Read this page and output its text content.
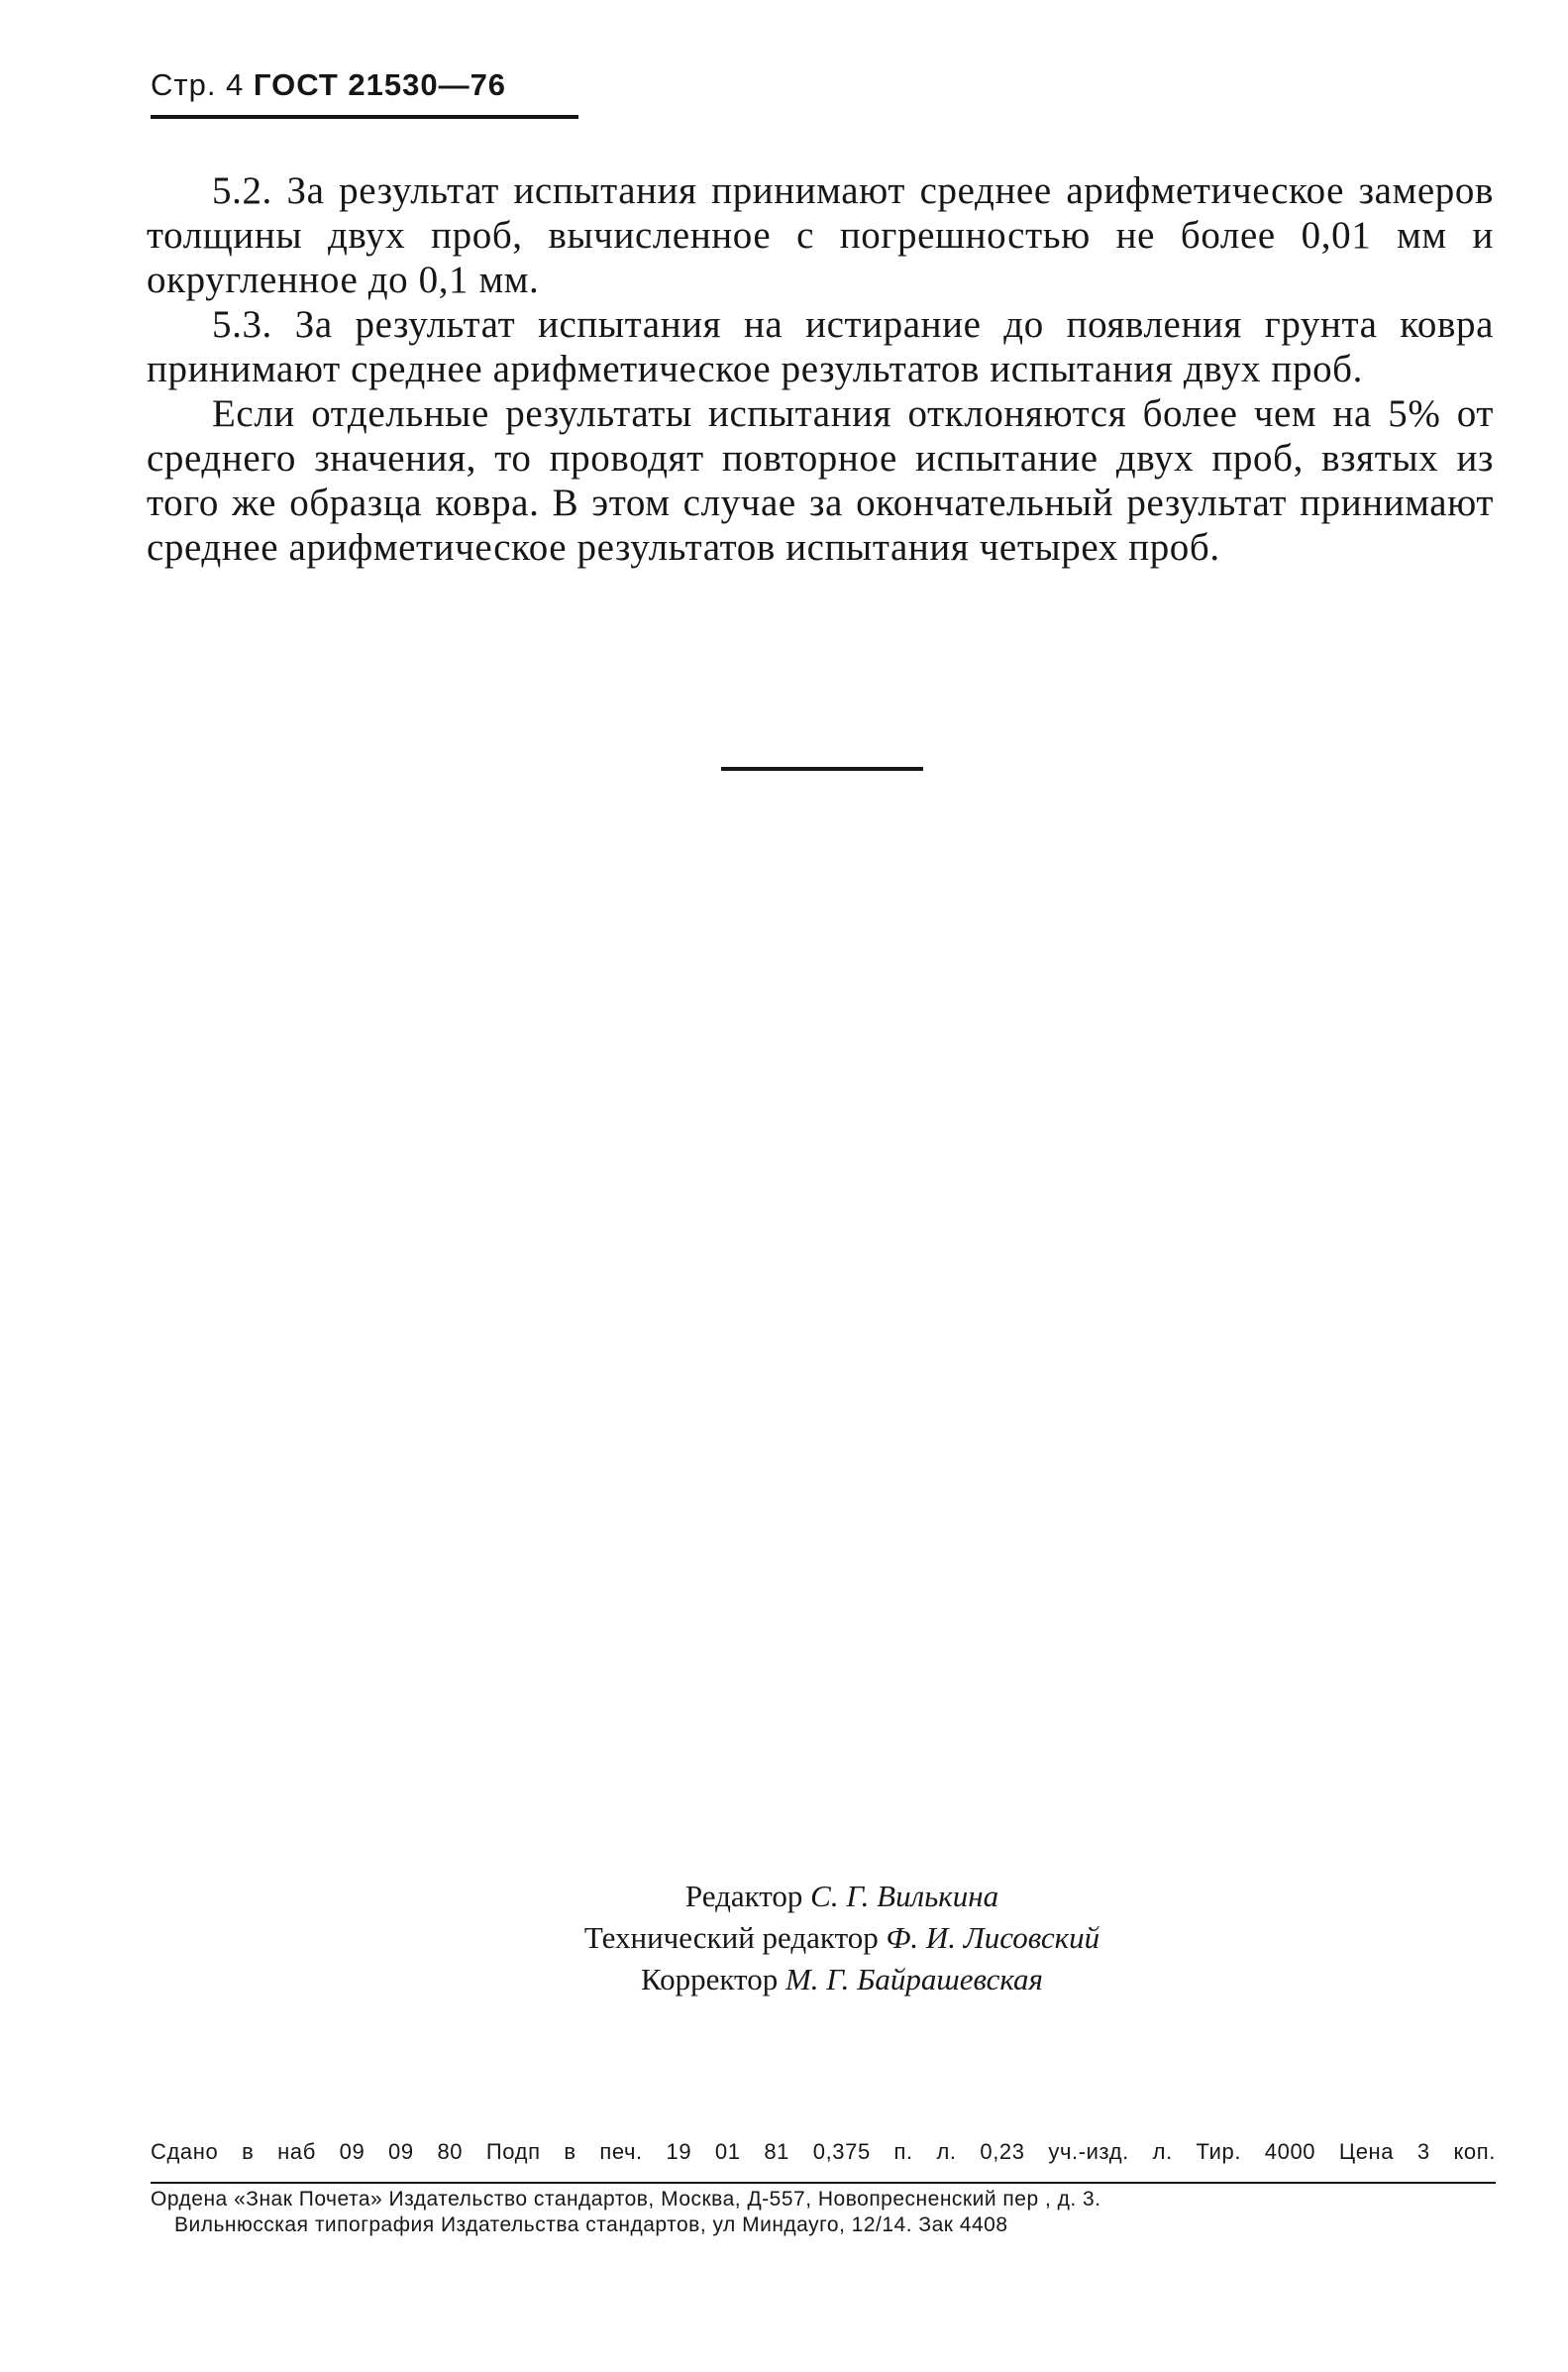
Стр. 4 ГОСТ 21530—76

5.2. За результат испытания принимают среднее арифметическое замеров толщины двух проб, вычисленное с погрешностью не более 0,01 мм и округленное до 0,1 мм.

5.3. За результат испытания на истирание до появления грунта ковра принимают среднее арифметическое результатов испытания двух проб.

Если отдельные результаты испытания отклоняются более чем на 5% от среднего значения, то проводят повторное испытание двух проб, взятых из того же образца ковра. В этом случае за окончательный результат принимают среднее арифметическое результатов испытания четырех проб.

Редактор С. Г. Вилькина
Технический редактор Ф. И. Лисовский
Корректор М. Г. Байрашевская
Сдано в наб 09 09 80 Подп в печ. 19 01 81 0,375 п. л. 0,23 уч.-изд. л. Тир. 4000 Цена 3 коп.
Ордена «Знак Почета» Издательство стандартов, Москва, Д-557, Новопресненский пер , д. 3.
Вильнюсская типография Издательства стандартов, ул Миндауго, 12/14. Зак 4408
